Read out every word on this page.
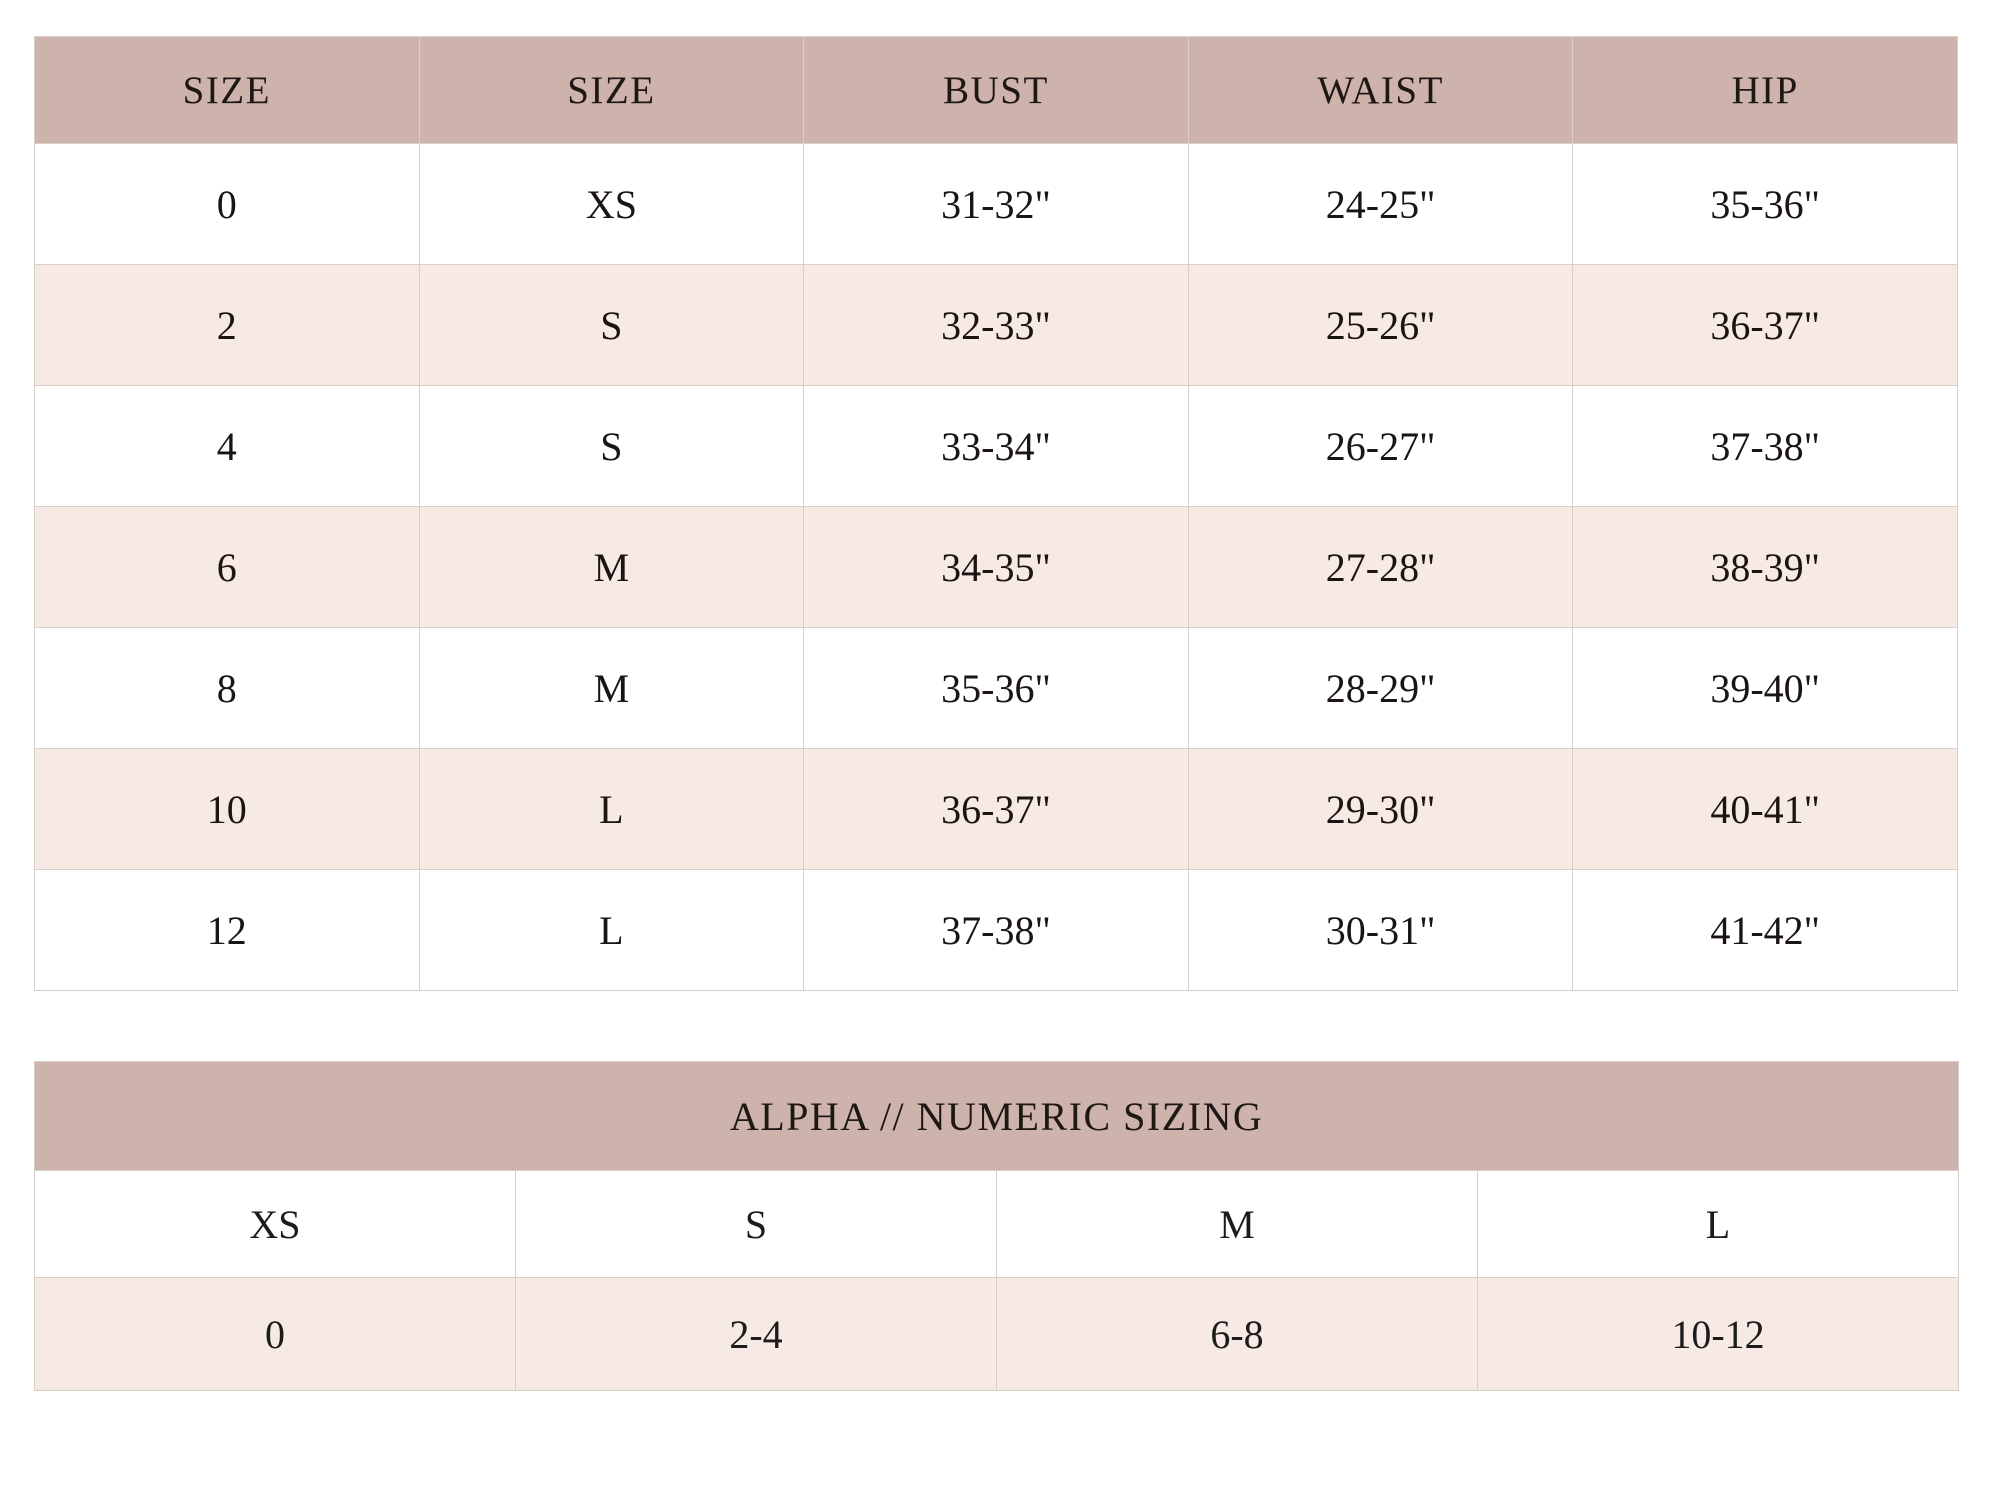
SIZE	SIZE	BUST	WAIST	HIP
0	XS	31-32"	24-25"	35-36"
2	S	32-33"	25-26"	36-37"
4	S	33-34"	26-27"	37-38"
6	M	34-35"	27-28"	38-39"
8	M	35-36"	28-29"	39-40"
10	L	36-37"	29-30"	40-41"
12	L	37-38"	30-31"	41-42"
ALPHA // NUMERIC SIZING			
XS	S	M	L
0	2-4	6-8	10-12
